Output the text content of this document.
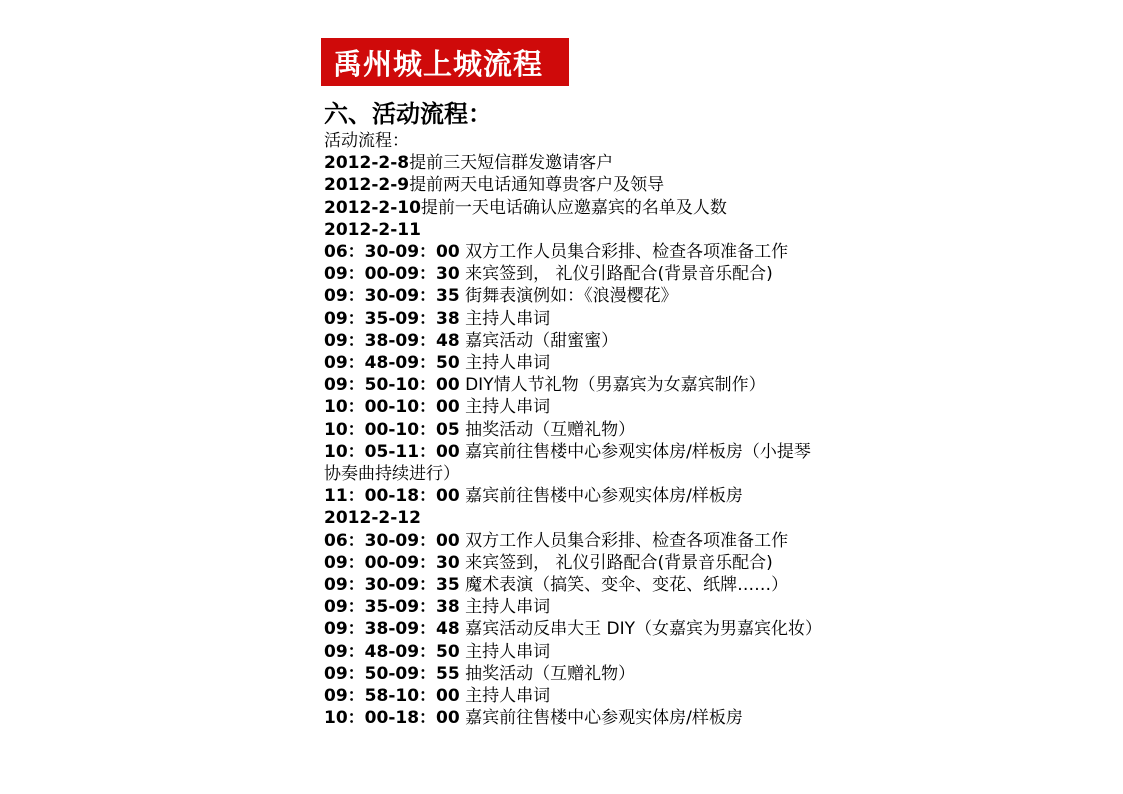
禹州城上城流程
六、活动流程：
活动流程：
2012-2-8提前三天短信群发邀请客户
2012-2-9提前两天电话通知尊贵客户及领导
2012-2-10提前一天电话确认应邀嘉宾的名单及人数
2012-2-11
06：30-09：00 双方工作人员集合彩排、检查各项准备工作
09：00-09：30 来宾签到， 礼仪引路配合(背景音乐配合)
09：30-09：35 街舞表演例如：《浪漫樱花》
09：35-09：38 主持人串词
09：38-09：48 嘉宾活动（甜蜜蜜）
09：48-09：50 主持人串词
09：50-10：00 DIY情人节礼物（男嘉宾为女嘉宾制作）
10：00-10：00 主持人串词
10：00-10：05 抽奖活动（互赠礼物）
10：05-11：00 嘉宾前往售楼中心参观实体房/样板房（小提琴
协奏曲持续进行）
11：00-18：00 嘉宾前往售楼中心参观实体房/样板房
2012-2-12
06：30-09：00 双方工作人员集合彩排、检查各项准备工作
09：00-09：30 来宾签到， 礼仪引路配合(背景音乐配合)
09：30-09：35 魔术表演（搞笑、变伞、变花、纸牌……）
09：35-09：38 主持人串词
09：38-09：48 嘉宾活动反串大王 DIY（女嘉宾为男嘉宾化妆）
09：48-09：50 主持人串词
09：50-09：55 抽奖活动（互赠礼物）
09：58-10：00 主持人串词
10：00-18：00 嘉宾前往售楼中心参观实体房/样板房
